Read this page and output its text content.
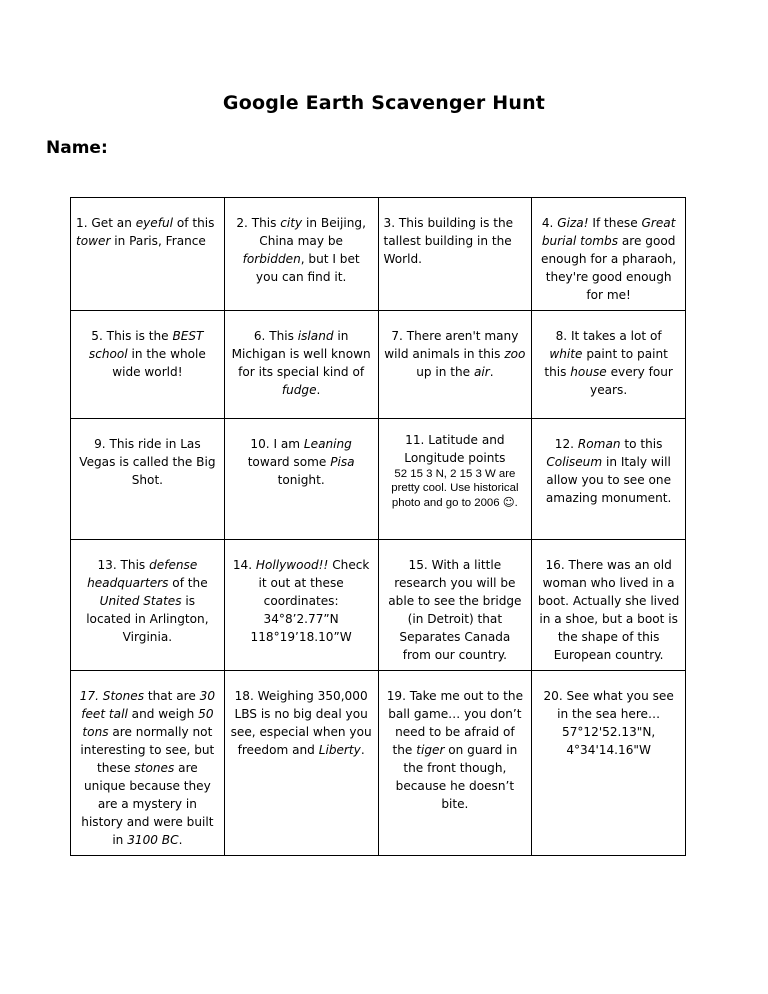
Google Earth Scavenger Hunt
Name:
1. Get an eyeful of this tower in Paris, France	2. This city in Beijing, China may be forbidden, but I bet you can find it.	3. This building is the tallest building in the World.	4. Giza! If these Great burial tombs are good enough for a pharaoh, they're good enough for me!
5. This is the BEST school in the whole wide world!	6. This island in Michigan is well known for its special kind of fudge.	7. There aren't many wild animals in this zoo up in the air.	8. It takes a lot of white paint to paint this house every four years.
9. This ride in Las Vegas is called the Big Shot.	10. I am Leaning toward some Pisa tonight.	11. Latitude and Longitude points
52 15 3 N, 2 15 3 W are pretty cool. Use historical photo and go to 2006 ☺.	12. Roman to this Coliseum in Italy will allow you to see one amazing monument.
13. This defense headquarters of the United States is located in Arlington, Virginia.	14. Hollywood!! Check it out at these coordinates:
34°8’2.77”N
118°19’18.10”W	15. With a little research you will be able to see the bridge (in Detroit) that Separates Canada from our country.	16. There was an old woman who lived in a boot. Actually she lived in a shoe, but a boot is the shape of this European country.
17. Stones that are 30 feet tall and weigh 50 tons are normally not interesting to see, but these stones are unique because they are a mystery in history and were built in 3100 BC.	18. Weighing 350,000 LBS is no big deal you see, especial when you freedom and Liberty.	19. Take me out to the ball game… you don’t need to be afraid of the tiger on guard in the front though, because he doesn’t bite.	20. See what you see in the sea here…
57°12'52.13"N,
4°34'14.16"W
